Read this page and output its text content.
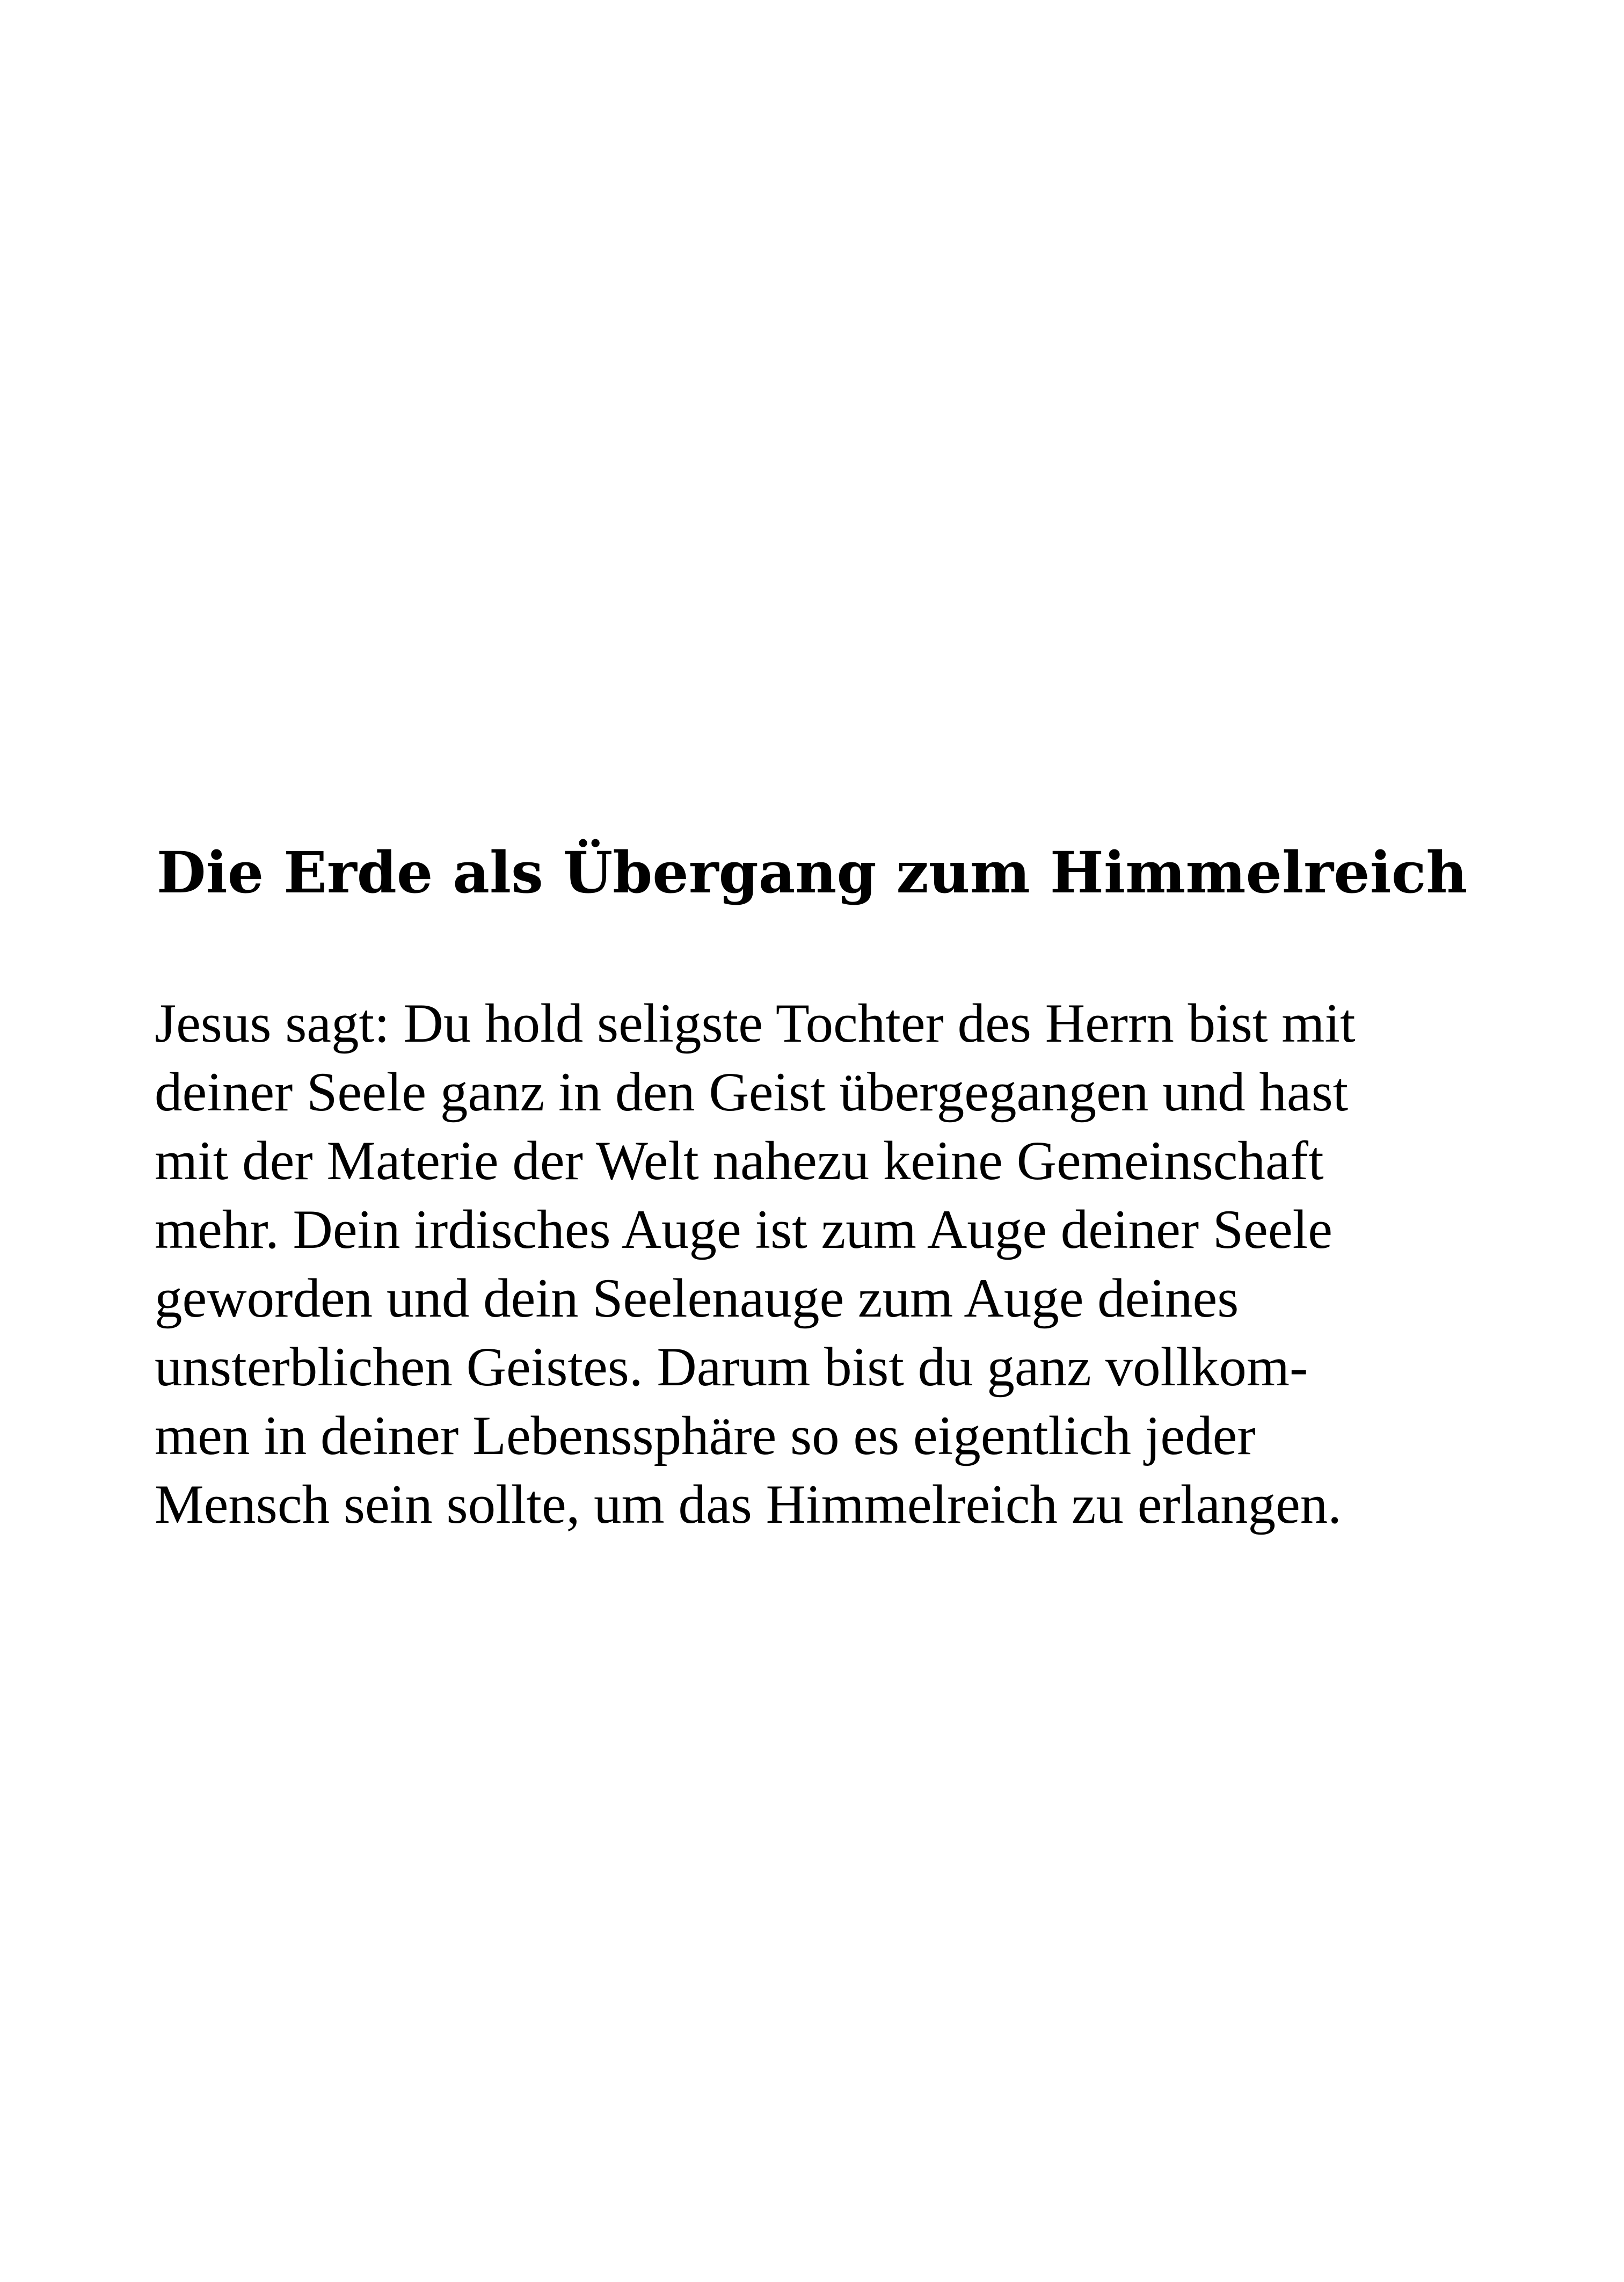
Die Erde als Übergang zum Himmelreich
Jesus sagt: Du hold seligste Tochter des Herrn bist mit
deiner Seele ganz in den Geist übergegangen und hast
mit der Materie der Welt nahezu keine Gemeinschaft
mehr. Dein irdisches Auge ist zum Auge deiner Seele
geworden und dein Seelenauge zum Auge deines
unsterblichen Geistes. Darum bist du ganz vollkom-
men in deiner Lebenssphäre so es eigentlich jeder
Mensch sein sollte, um das Himmelreich zu erlangen.
